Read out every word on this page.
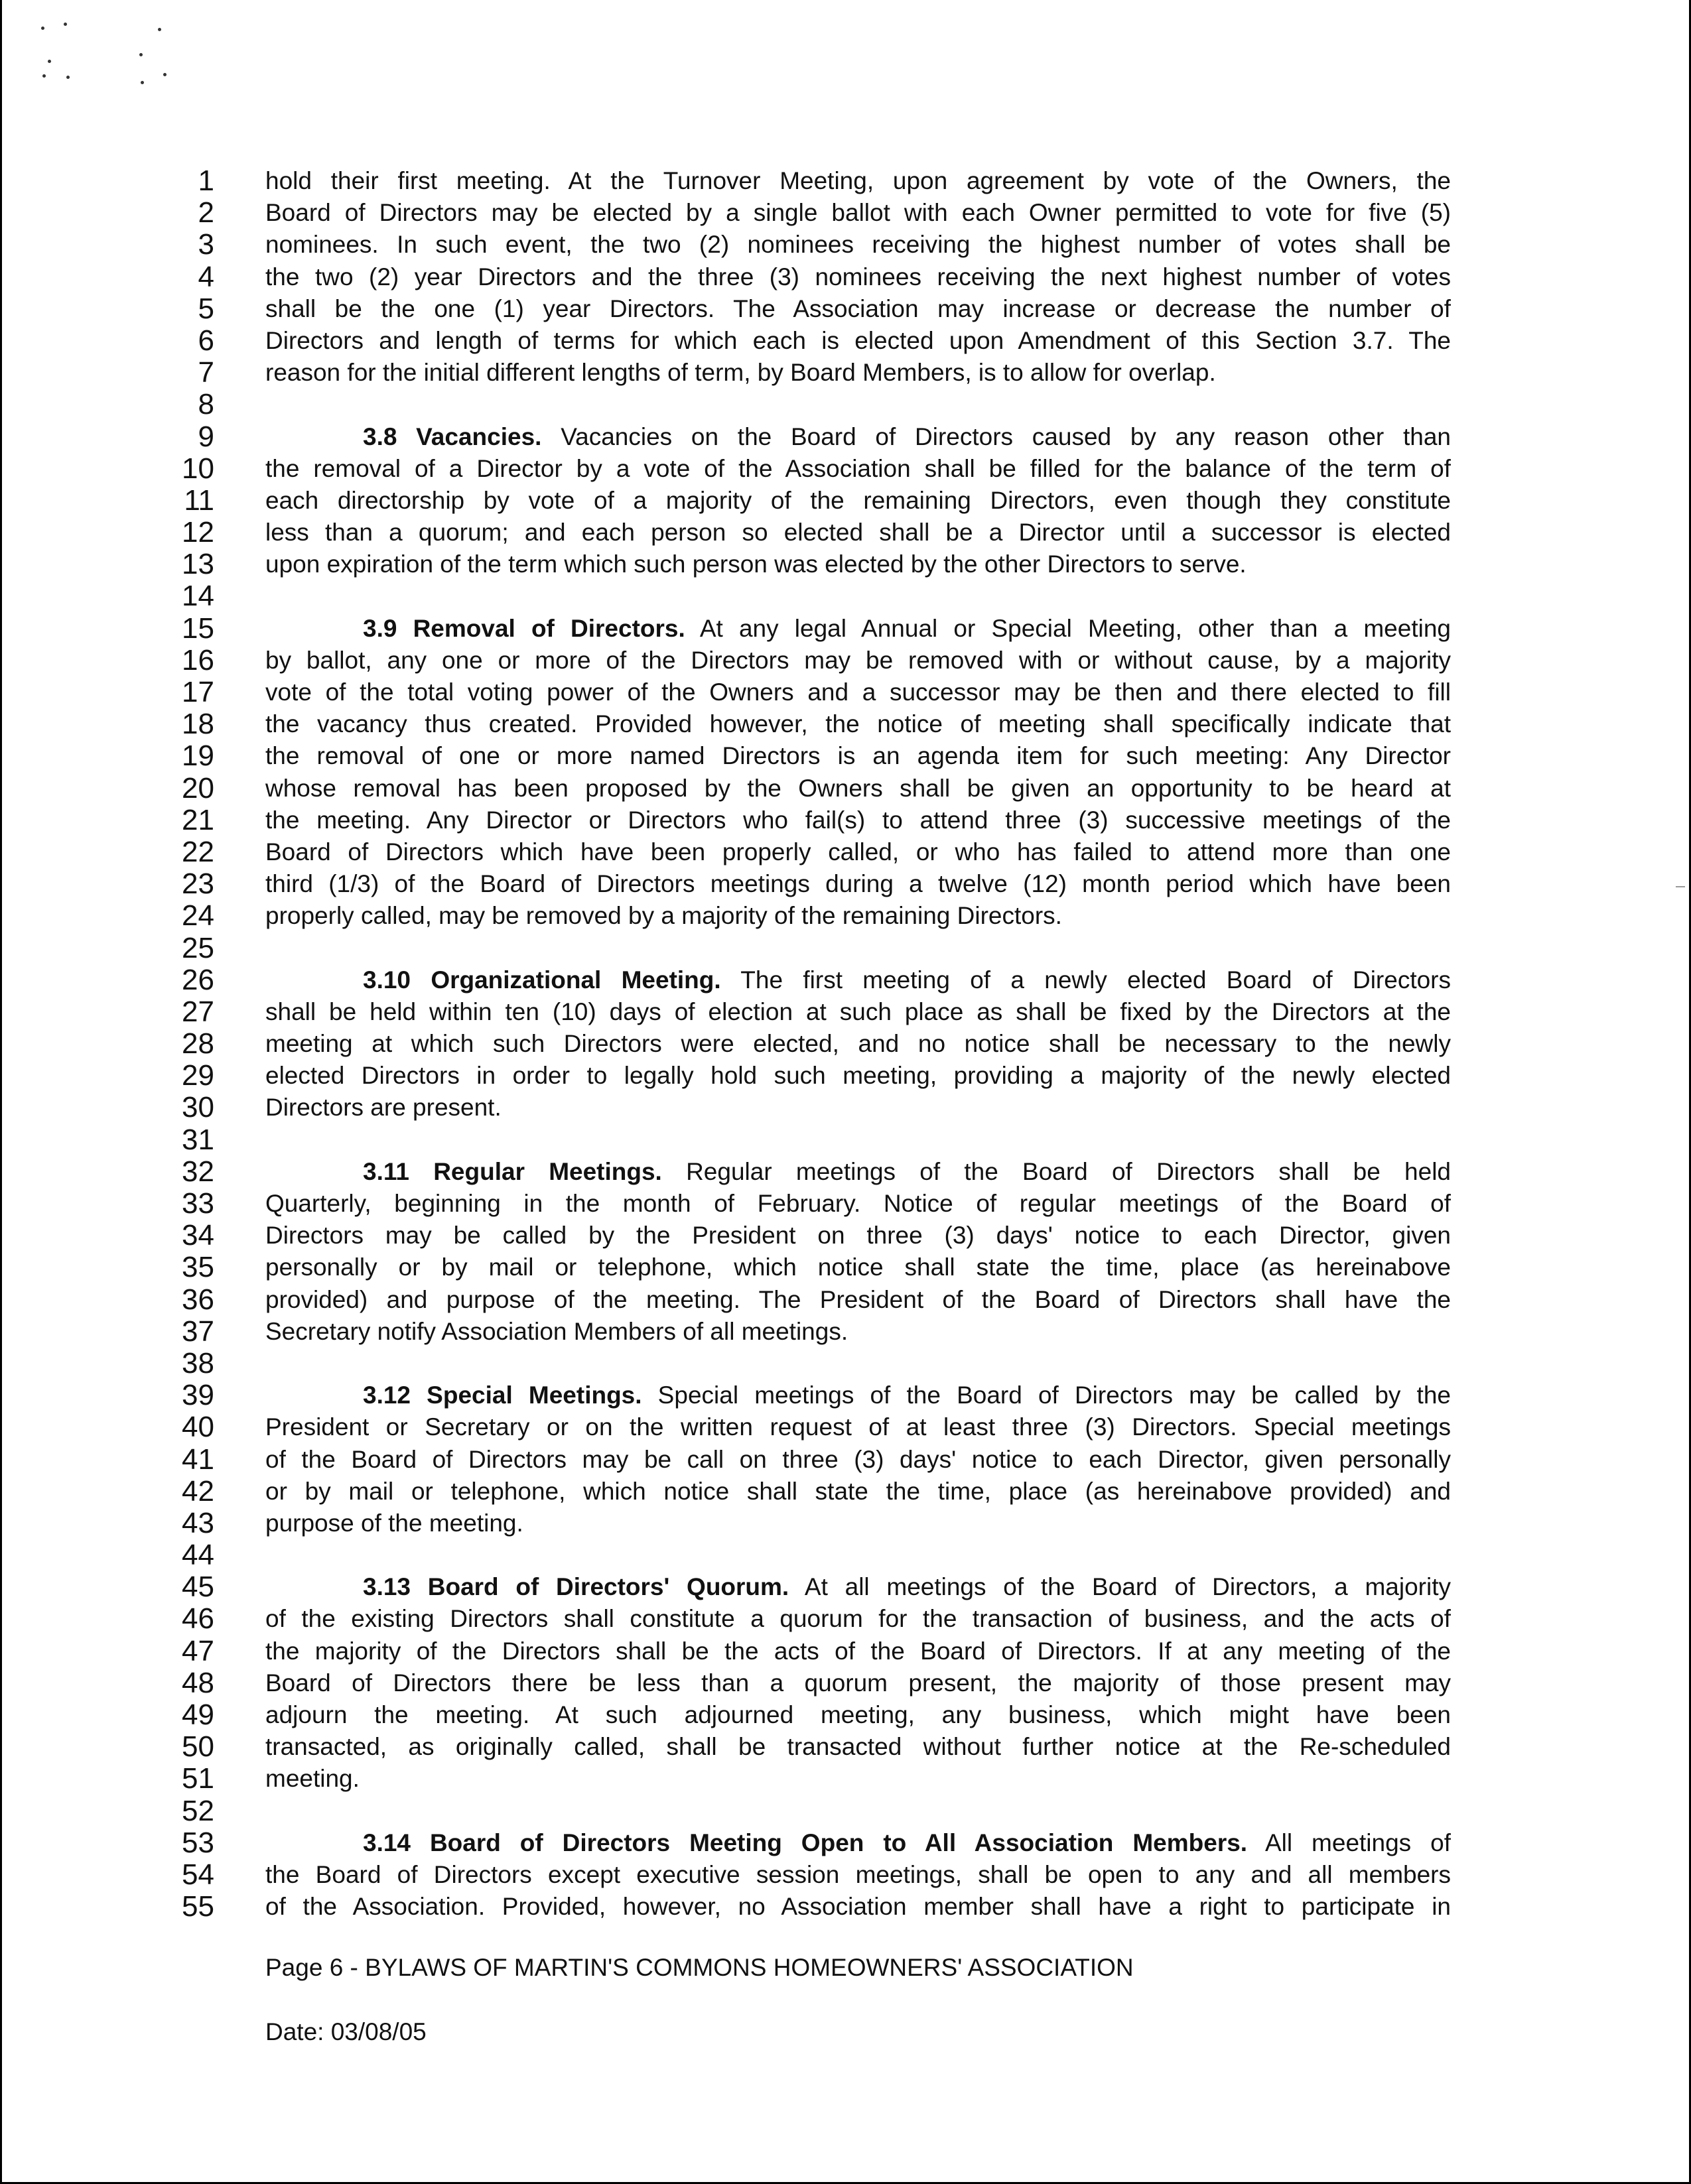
1
2
3
4
5
6
7
8
9
10
11
12
13
14
15
16
17
18
19
20
21
22
23
24
25
26
27
28
29
30
31
32
33
34
35
36
37
38
39
40
41
42
43
44
45
46
47
48
49
50
51
52
53
54
55
hold their first meeting. At the Turnover Meeting, upon agreement by vote of the Owners, the
Board of Directors may be elected by a single ballot with each Owner permitted to vote for five (5)
nominees. In such event, the two (2) nominees receiving the highest number of votes shall be
the two (2) year Directors and the three (3) nominees receiving the next highest number of votes
shall be the one (1) year Directors. The Association may increase or decrease the number of
Directors and length of terms for which each is elected upon Amendment of this Section 3.7. The
reason for the initial different lengths of term, by Board Members, is to allow for overlap.
3.8 Vacancies. Vacancies on the Board of Directors caused by any reason other than
the removal of a Director by a vote of the Association shall be filled for the balance of the term of
each directorship by vote of a majority of the remaining Directors, even though they constitute
less than a quorum; and each person so elected shall be a Director until a successor is elected
upon expiration of the term which such person was elected by the other Directors to serve.
3.9 Removal of Directors. At any legal Annual or Special Meeting, other than a meeting
by ballot, any one or more of the Directors may be removed with or without cause, by a majority
vote of the total voting power of the Owners and a successor may be then and there elected to fill
the vacancy thus created. Provided however, the notice of meeting shall specifically indicate that
the removal of one or more named Directors is an agenda item for such meeting: Any Director
whose removal has been proposed by the Owners shall be given an opportunity to be heard at
the meeting. Any Director or Directors who fail(s) to attend three (3) successive meetings of the
Board of Directors which have been properly called, or who has failed to attend more than one
third (1/3) of the Board of Directors meetings during a twelve (12) month period which have been
properly called, may be removed by a majority of the remaining Directors.
3.10 Organizational Meeting. The first meeting of a newly elected Board of Directors
shall be held within ten (10) days of election at such place as shall be fixed by the Directors at the
meeting at which such Directors were elected, and no notice shall be necessary to the newly
elected Directors in order to legally hold such meeting, providing a majority of the newly elected
Directors are present.
3.11 Regular Meetings. Regular meetings of the Board of Directors shall be held
Quarterly, beginning in the month of February. Notice of regular meetings of the Board of
Directors may be called by the President on three (3) days' notice to each Director, given
personally or by mail or telephone, which notice shall state the time, place (as hereinabove
provided) and purpose of the meeting. The President of the Board of Directors shall have the
Secretary notify Association Members of all meetings.
3.12 Special Meetings. Special meetings of the Board of Directors may be called by the
President or Secretary or on the written request of at least three (3) Directors. Special meetings
of the Board of Directors may be call on three (3) days' notice to each Director, given personally
or by mail or telephone, which notice shall state the time, place (as hereinabove provided) and
purpose of the meeting.
3.13 Board of Directors' Quorum. At all meetings of the Board of Directors, a majority
of the existing Directors shall constitute a quorum for the transaction of business, and the acts of
the majority of the Directors shall be the acts of the Board of Directors. If at any meeting of the
Board of Directors there be less than a quorum present, the majority of those present may
adjourn the meeting. At such adjourned meeting, any business, which might have been
transacted, as originally called, shall be transacted without further notice at the Re-scheduled
meeting.
3.14 Board of Directors Meeting Open to All Association Members. All meetings of
the Board of Directors except executive session meetings, shall be open to any and all members
of the Association. Provided, however, no Association member shall have a right to participate in
Page 6 - BYLAWS OF MARTIN'S COMMONS HOMEOWNERS' ASSOCIATION
Date: 03/08/05
